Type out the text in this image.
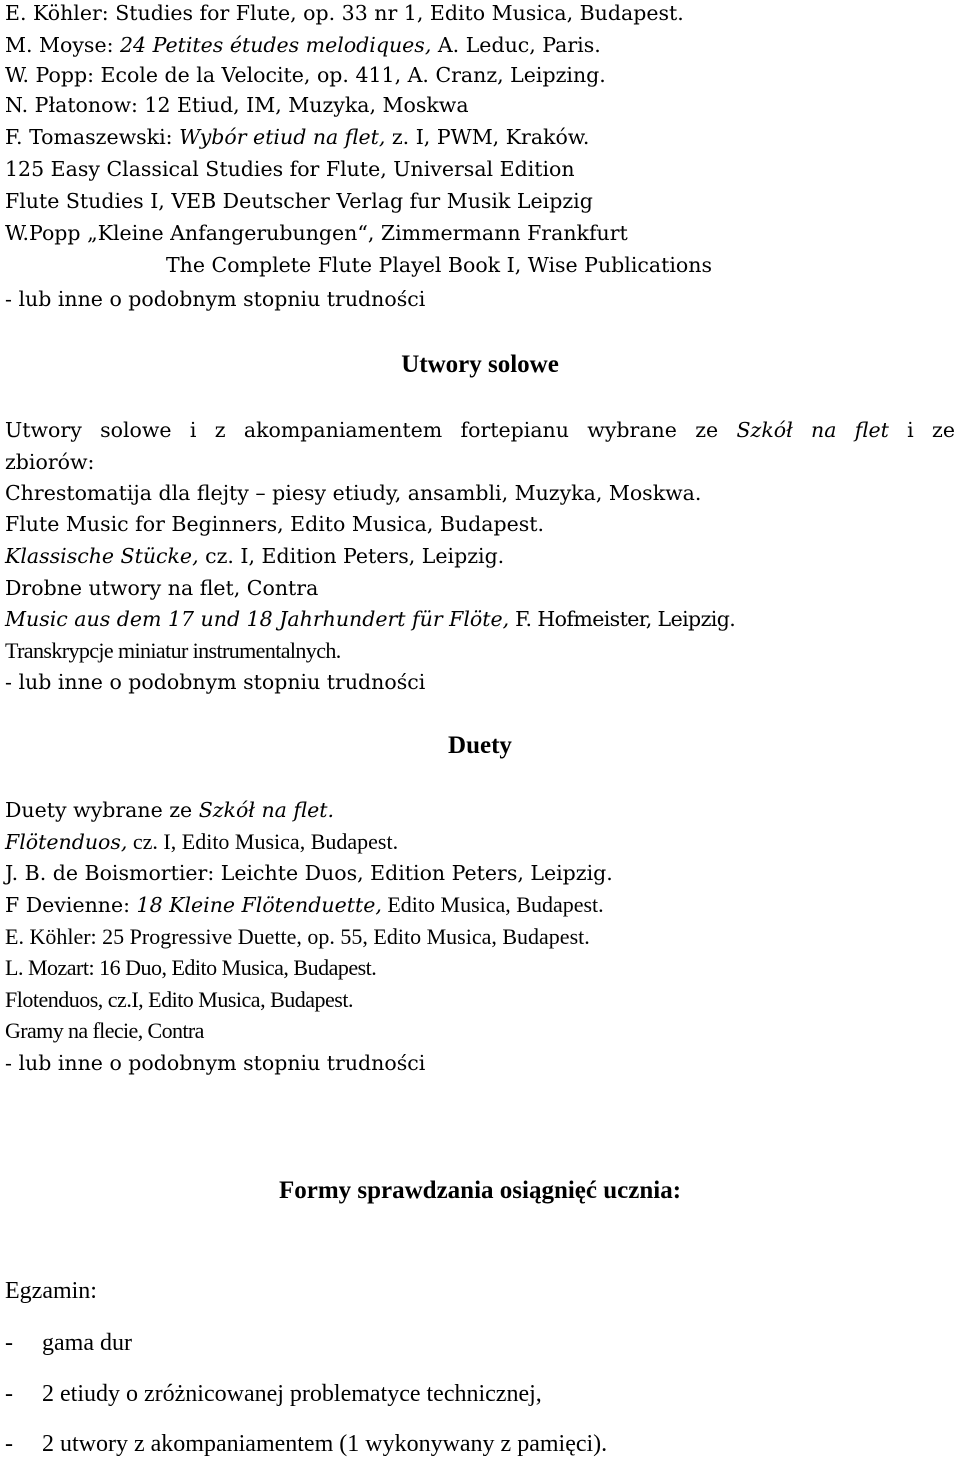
E. Köhler: Studies for Flute, op. 33 nr 1, Edito Musica, Budapest.

M. Moyse: 24 Petites études melodiques, A. Leduc, Paris.

W. Popp: Ecole de la Velocite, op. 411, A. Cranz, Leipzing.

N. Płatonow: 12 Etiud, IM, Muzyka, Moskwa

F. Tomaszewski: Wybór etiud na flet, z. I, PWM, Kraków.

125 Easy Classical Studies for Flute, Universal Edition

Flute Studies I, VEB Deutscher Verlag fur Musik Leipzig

W.Popp „Kleine Anfangerubungen“, Zimmermann Frankfurt

The Complete Flute Playel Book I, Wise Publications

- lub inne o podobnym stopniu trudności

Utwory solowe

Utwory solowe i z akompaniamentem fortepianu wybrane ze Szkół na flet i ze

zbiorów:

Chrestomatija dla flejty – piesy etiudy, ansambli, Muzyka, Moskwa.

Flute Music for Beginners, Edito Musica, Budapest.

Klassische Stücke, cz. I, Edition Peters, Leipzig.

Drobne utwory na flet, Contra

Music aus dem 17 und 18 Jahrhundert für Flöte, F. Hofmeister, Leipzig.

Transkrypcje miniatur instrumentalnych.

- lub inne o podobnym stopniu trudności

Duety

Duety wybrane ze Szkół na flet.

Flötenduos, cz. I, Edito Musica, Budapest.

J. B. de Boismortier: Leichte Duos, Edition Peters, Leipzig.

F Devienne: 18 Kleine Flötenduette, Edito Musica, Budapest.

E. Köhler: 25 Progressive Duette, op. 55, Edito Musica, Budapest.

L. Mozart: 16 Duo, Edito Musica, Budapest.

Flotenduos, cz.I, Edito Musica, Budapest.

Gramy na flecie, Contra

- lub inne o podobnym stopniu trudności

Formy sprawdzania osiągnięć ucznia:

Egzamin:

- gama dur

- 2 etiudy o zróżnicowanej problematyce technicznej,

- 2 utwory z akompaniamentem (1 wykonywany z pamięci).
